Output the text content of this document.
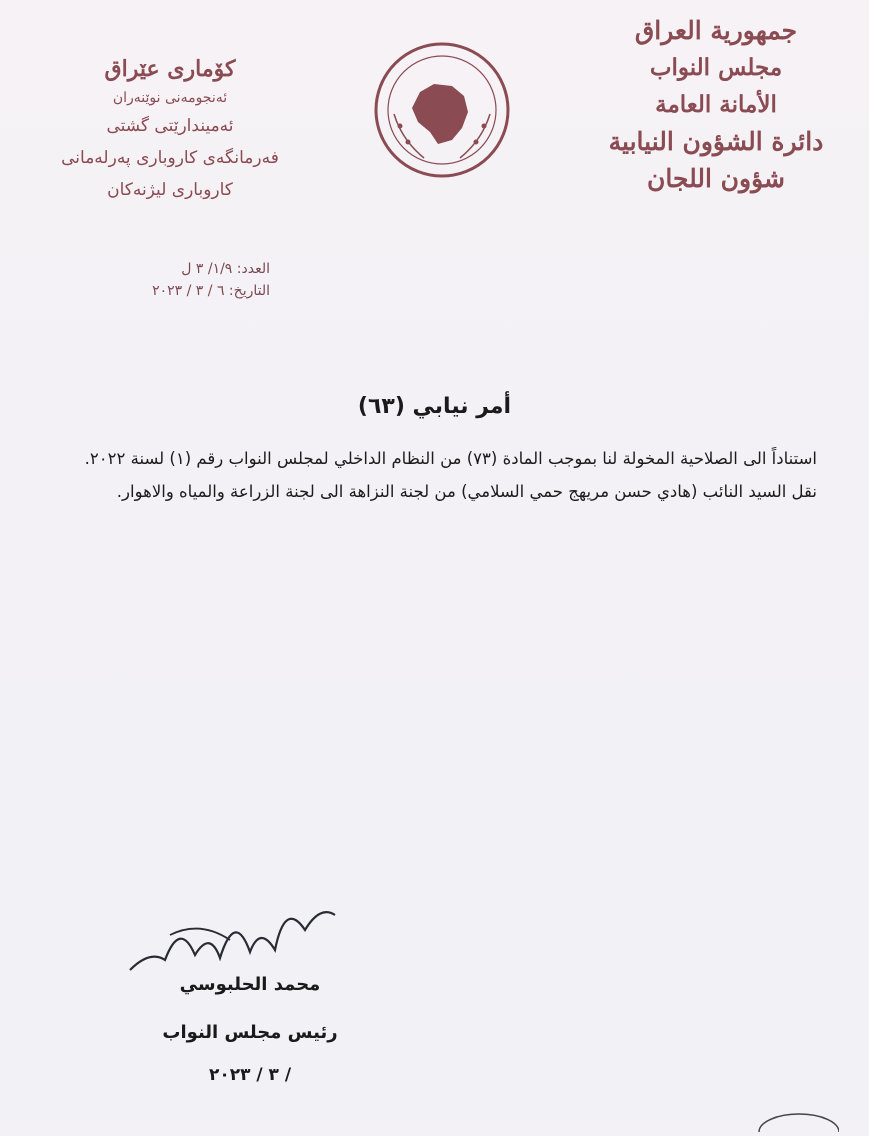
جمهورية العراق
مجلس النواب
الأمانة العامة
دائرة الشؤون النيابية
شؤون اللجان
کۆماری عێراق
ئه‌نجومه‌نی نوێنه‌ران
ئه‌میندارێتی گشتی
فه‌رمانگه‌ی کاروباری په‌رله‌مانی
کاروباری لیژنه‌کان
العدد: ١/٩/ ٣ ل
التاريخ: ٦ / ٣ / ٢٠٢٣
أمر نيابي (٦٣)

استناداً الى الصلاحية المخولة لنا بموجب المادة (٧٣) من النظام الداخلي لمجلس النواب رقم (١) لسنة ٢٠٢٢.

نقل السيد النائب (هادي حسن مريهج حمي السلامي) من لجنة النزاهة الى لجنة الزراعة والمياه والاهوار.

محمد الحلبوسي
رئيس مجلس النواب
/ ٣ / ٢٠٢٣
